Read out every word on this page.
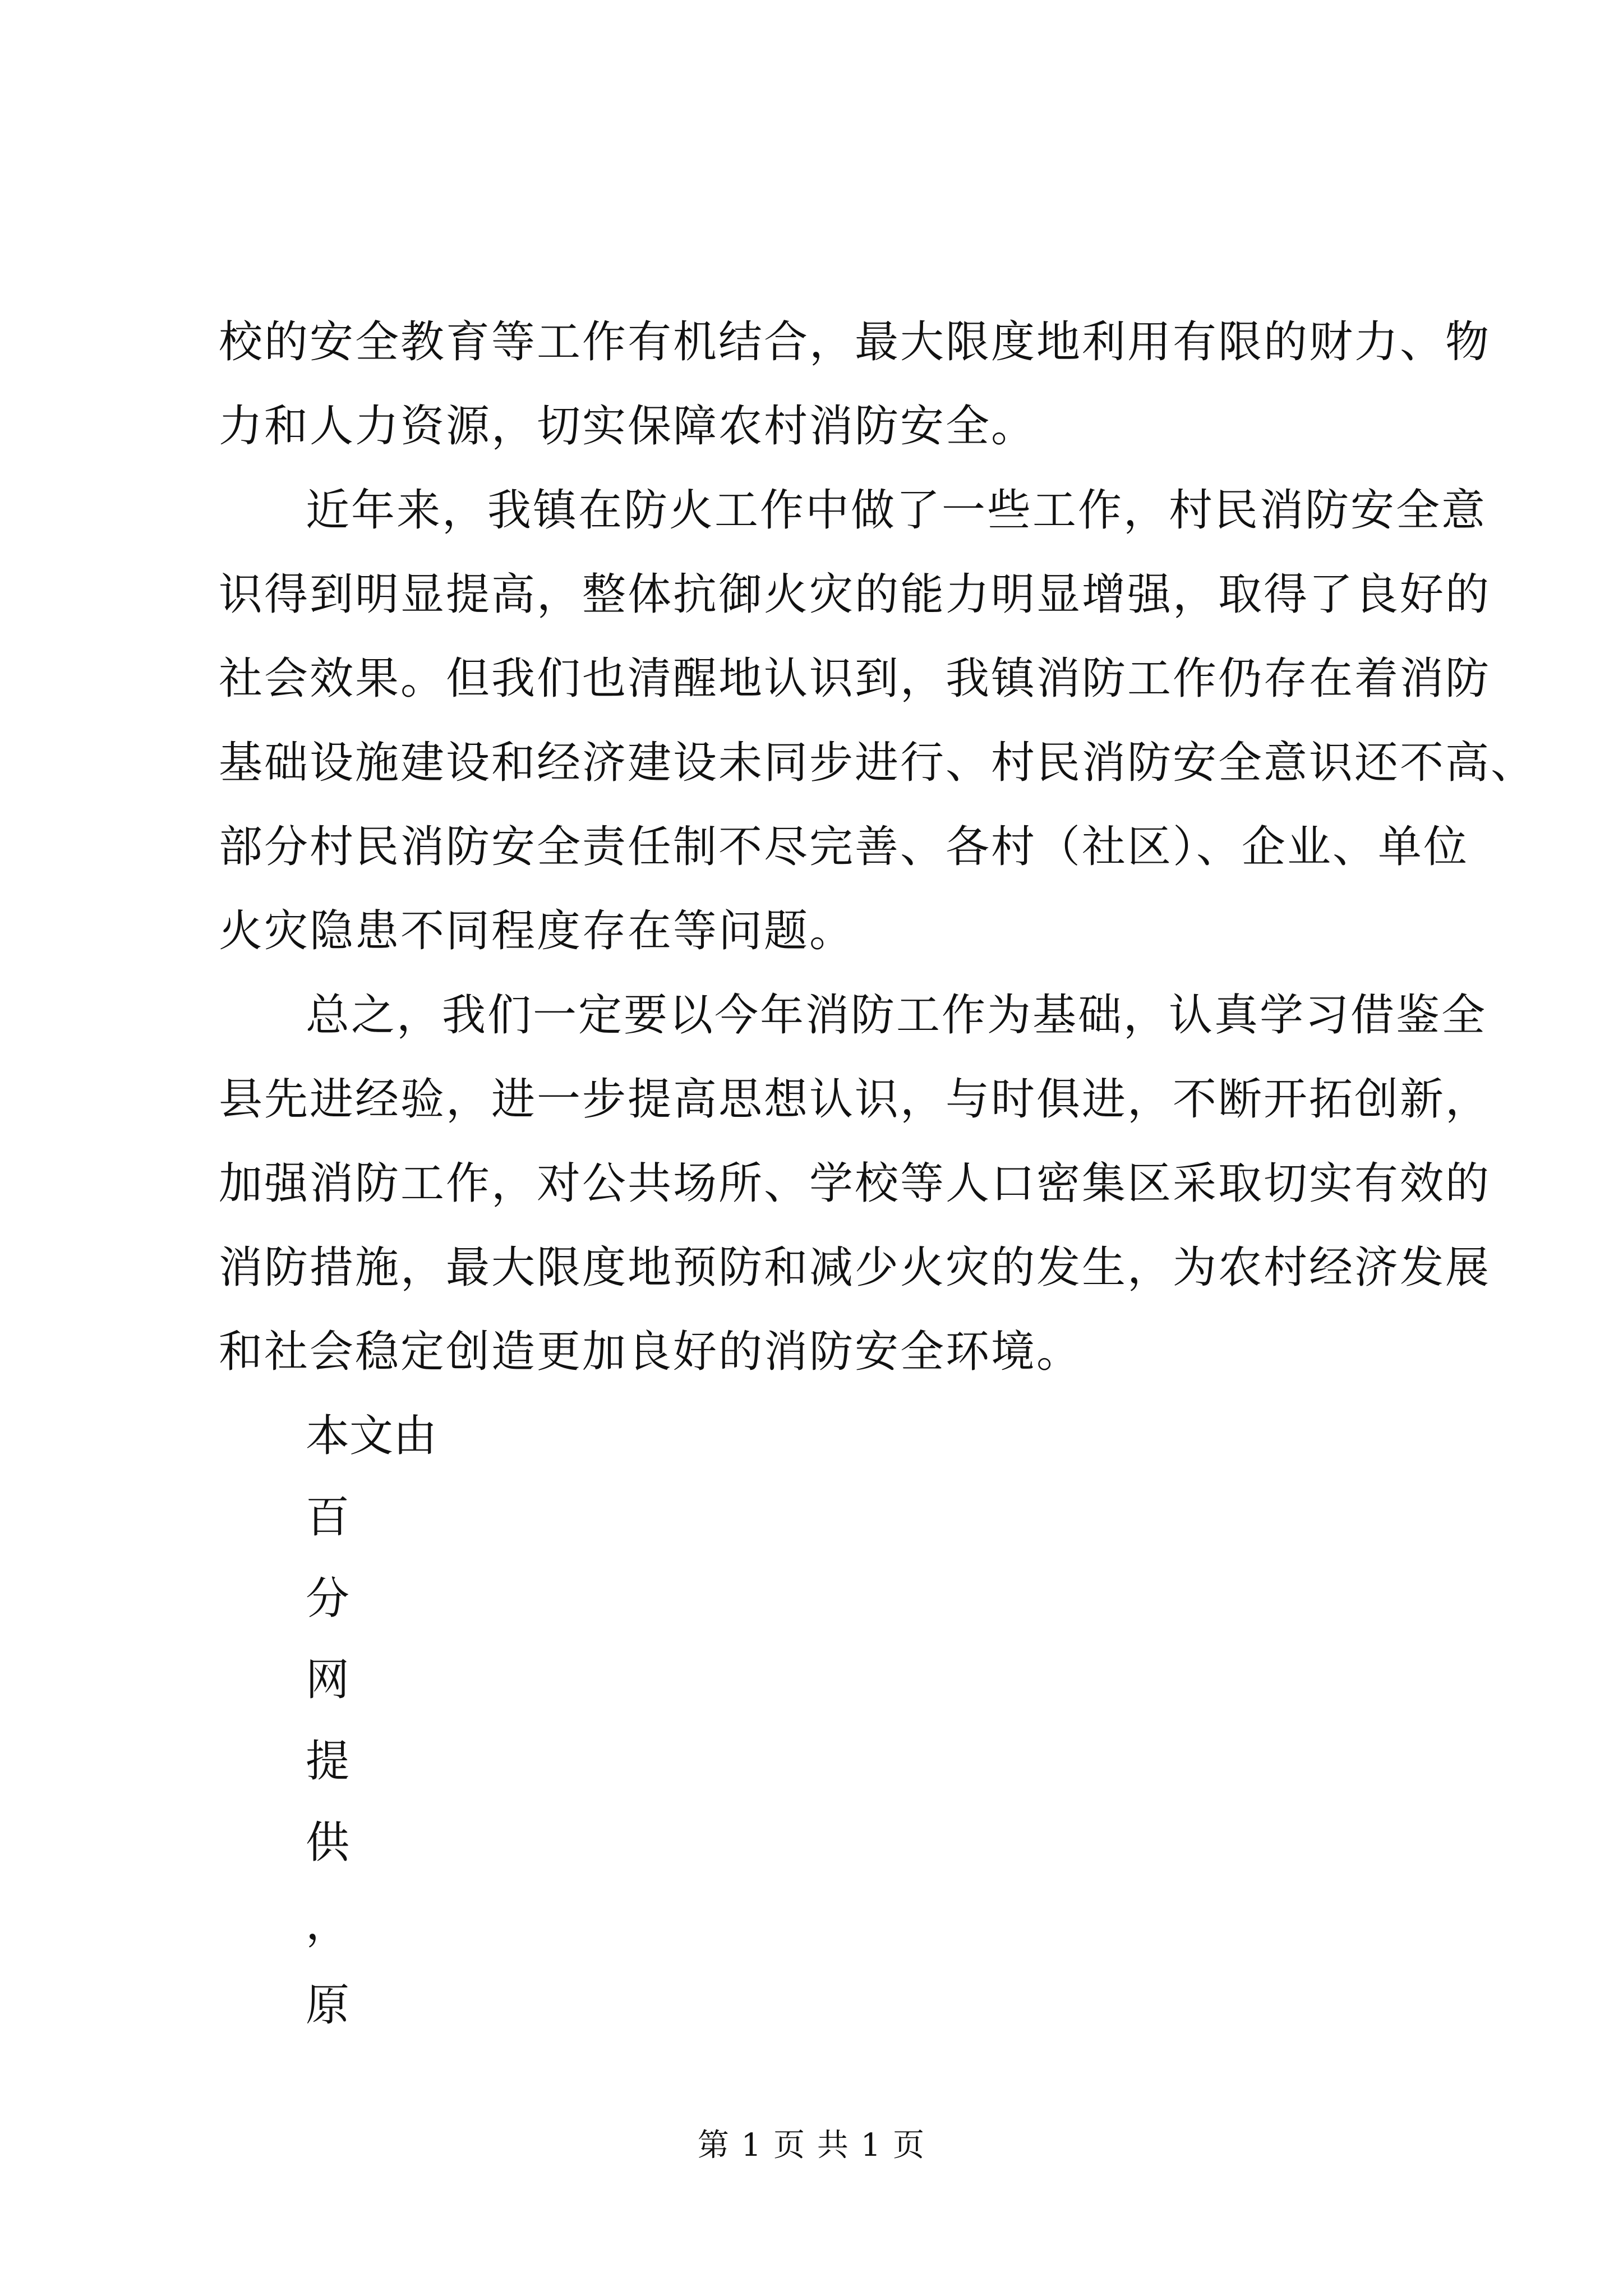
校的安全教育等工作有机结合，最大限度地利用有限的财力、物
力和人力资源，切实保障农村消防安全。
近年来，我镇在防火工作中做了一些工作，村民消防安全意
识得到明显提高，整体抗御火灾的能力明显增强，取得了良好的
社会效果。但我们也清醒地认识到，我镇消防工作仍存在着消防
基础设施建设和经济建设未同步进行、村民消防安全意识还不高、
部分村民消防安全责任制不尽完善、各村（社区）、企业、单位
火灾隐患不同程度存在等问题。
总之，我们一定要以今年消防工作为基础，认真学习借鉴全
县先进经验，进一步提高思想认识，与时俱进，不断开拓创新，
加强消防工作，对公共场所、学校等人口密集区采取切实有效的
消防措施，最大限度地预防和减少火灾的发生，为农村经济发展
和社会稳定创造更加良好的消防安全环境。
本文由
百
分
网
提
供
，
原
第 1 页 共 1 页
